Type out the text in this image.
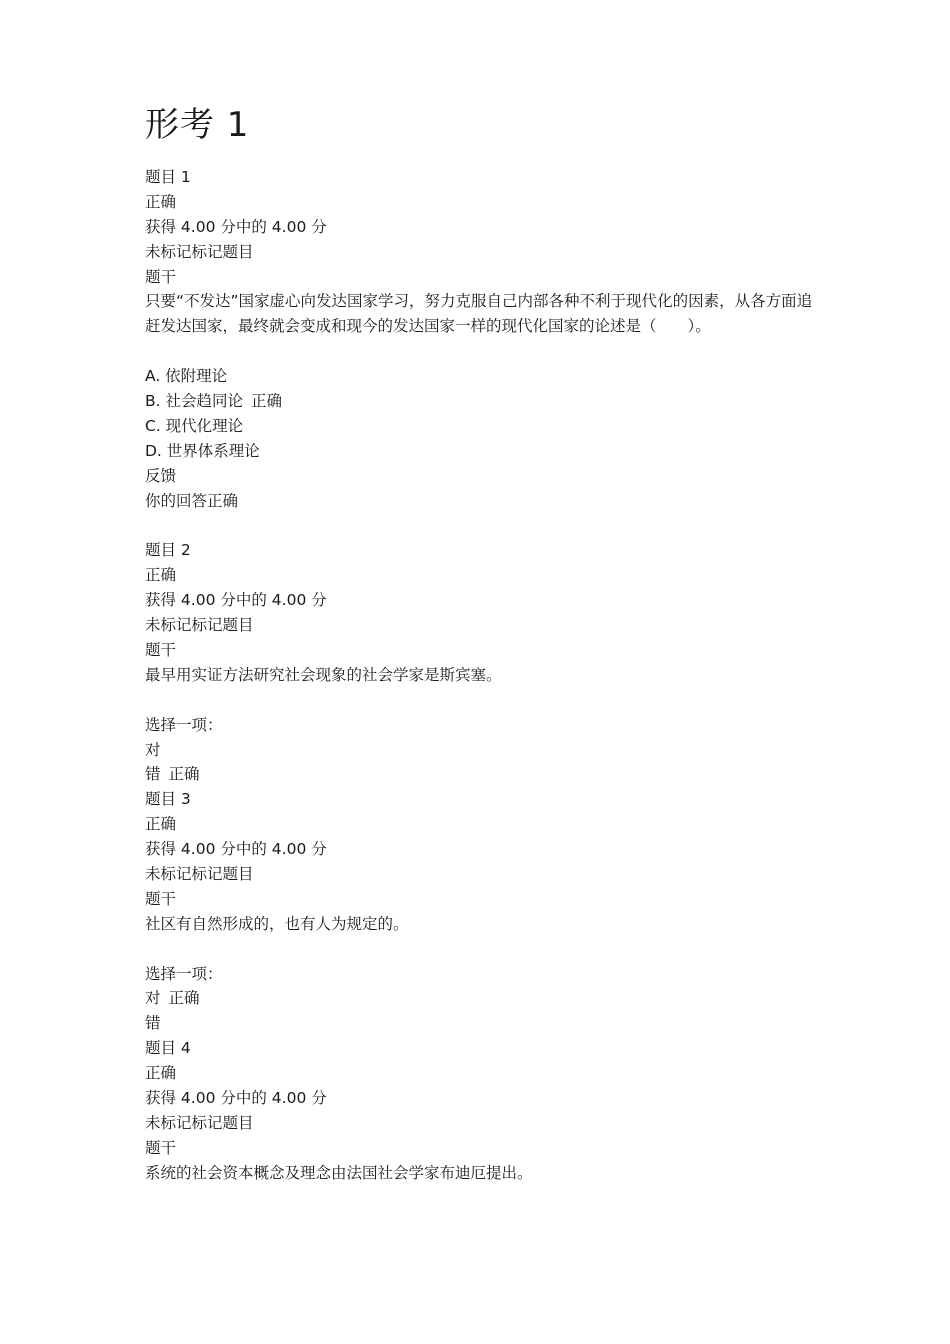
形考 1
题目 1
正确
获得 4.00 分中的 4.00 分
未标记标记题目
题干
只要“不发达”国家虚心向发达国家学习，努力克服自己内部各种不利于现代化的因素，从各方面追赶发达国家，最终就会变成和现今的发达国家一样的现代化国家的论述是（　　）。
A. 依附理论
B. 社会趋同论 正确
C. 现代化理论
D. 世界体系理论
反馈
你的回答正确
题目 2
正确
获得 4.00 分中的 4.00 分
未标记标记题目
题干
最早用实证方法研究社会现象的社会学家是斯宾塞。
选择一项：
对
错 正确
题目 3
正确
获得 4.00 分中的 4.00 分
未标记标记题目
题干
社区有自然形成的，也有人为规定的。
选择一项：
对 正确
错
题目 4
正确
获得 4.00 分中的 4.00 分
未标记标记题目
题干
系统的社会资本概念及理念由法国社会学家布迪厄提出。
